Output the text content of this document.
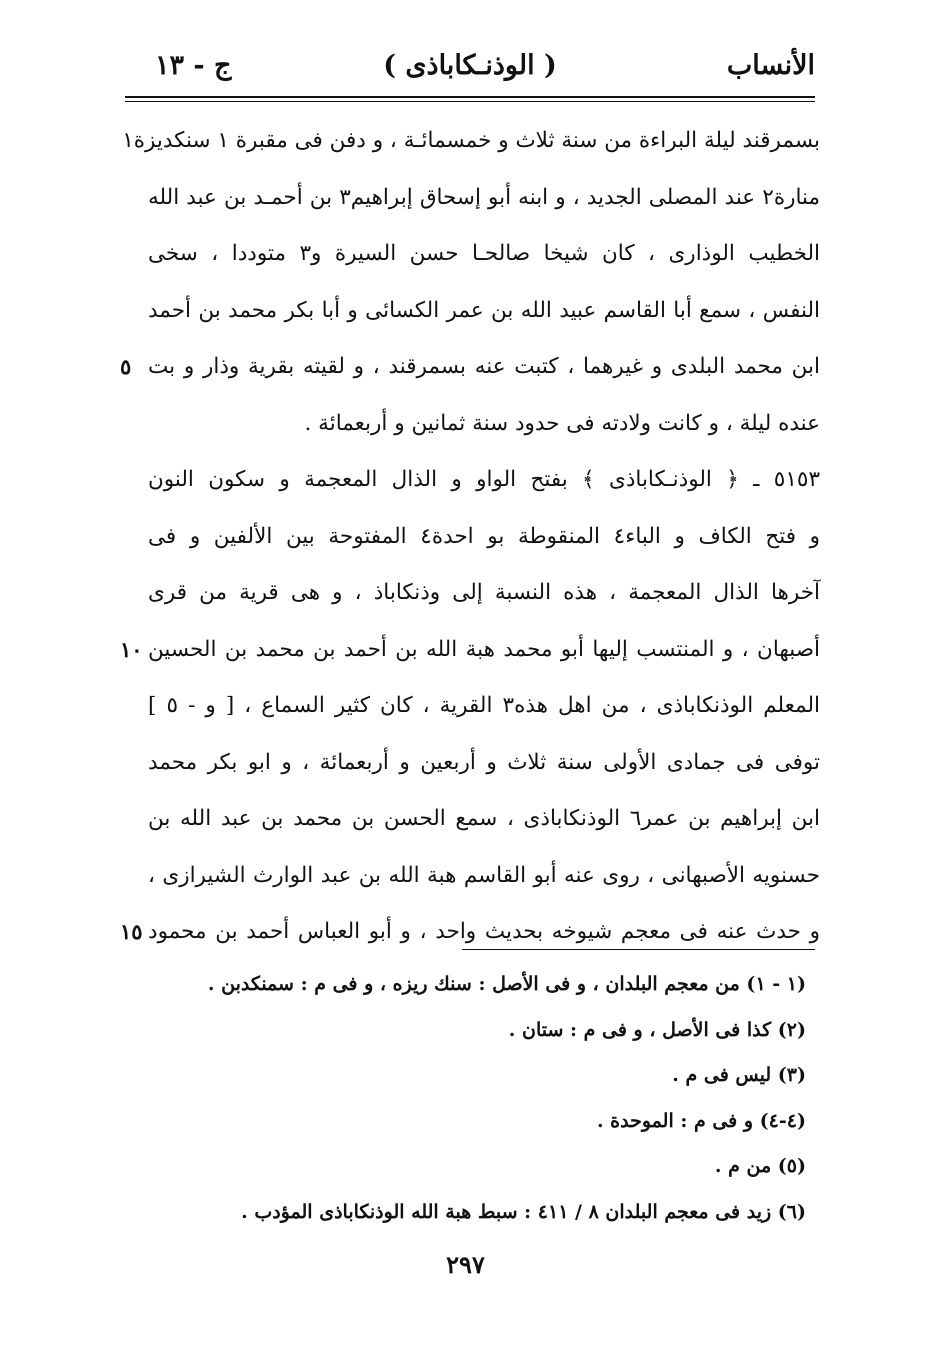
الأنساب
( الوذنـكاباذى )
ج - ١٣
بسمرقند ليلة البراءة من سنة ثلاث و خمسمائـة ، و دفن فى مقبرة ١ سنكديزة١
منارة٢ عند المصلى الجديد ، و ابنه أبو إسحاق إبراهيم٣ بن أحمـد بن عبد الله
الخطيب الوذارى ، كان شيخا صالحـا حسن السيرة و٣ متوددا ، سخى
النفس ، سمع أبا القاسم عبيد الله بن عمر الكسائى و أبا بكر محمد بن أحمد
ابن محمد البلدى و غيرهما ، كتبت عنه بسمرقند ، و لقيته بقرية وذار و بت
٥
عنده ليلة ، و كانت ولادته فى حدود سنة ثمانين و أربعمائة .
٥١٥٣ ـ ﴿ الوذنـكاباذى ﴾ بفتح الواو و الذال المعجمة و سكون النون
و فتح الكاف و الباء٤ المنقوطة بو احدة٤ المفتوحة بين الألفين و فى
آخرها الذال المعجمة ، هذه النسبة إلى وذنكاباذ ، و هى قرية من قرى
أصبهان ، و المنتسب إليها أبو محمد هبة الله بن أحمد بن محمد بن الحسين
١٠
المعلم الوذنكاباذى ، من اهل هذه٣ القرية ، كان كثير السماع ، [ و - ٥ ]
توفى فى جمادى الأولى سنة ثلاث و أربعين و أربعمائة ، و ابو بكر محمد
ابن إبراهيم بن عمر٦ الوذنكاباذى ، سمع الحسن بن محمد بن عبد الله بن
حسنويه الأصبهانى ، روى عنه أبو القاسم هبة الله بن عبد الوارث الشيرازى ،
و حدث عنه فى معجم شيوخه بحديث واحد ، و أبو العباس أحمد بن محمود
١٥
(١ - ١) من معجم البلدان ، و فى الأصل : سنك ريزه ، و فى م : سمنكدبن .
(٢) كذا فى الأصل ، و فى م : ستان .
(٣) ليس فى م .
(٤-٤) و فى م : الموحدة .
(٥) من م .
(٦) زيد فى معجم البلدان ٨ / ٤١١ : سبط هبة الله الوذنكاباذى المؤدب .
٢٩٧
